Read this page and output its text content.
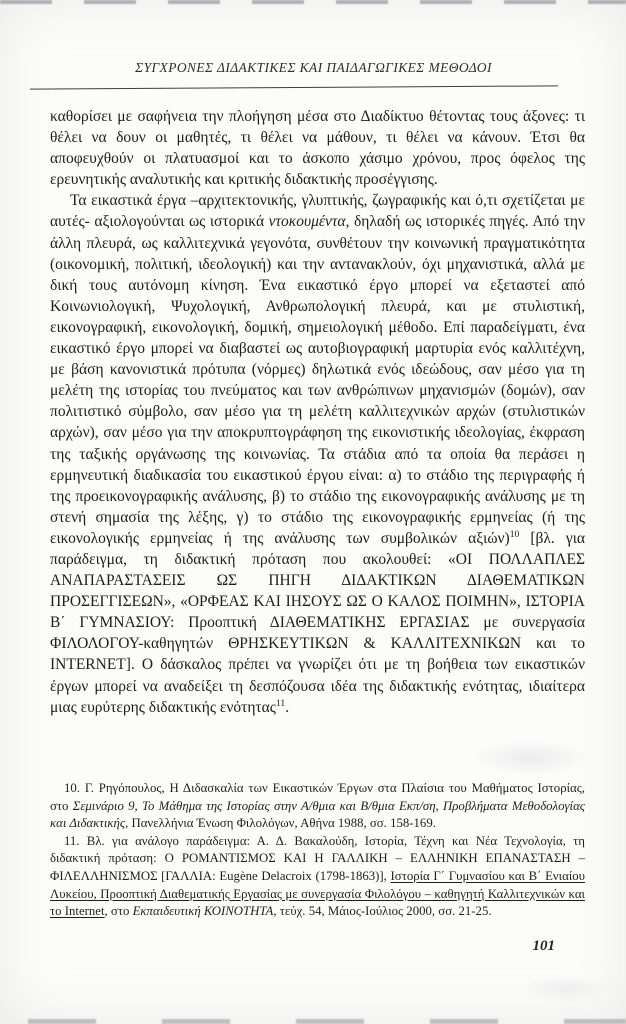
ΣΥΓΧΡΟΝΕΣ ΔΙΔΑΚΤΙΚΕΣ ΚΑΙ ΠΑΙΔΑΓΩΓΙΚΕΣ ΜΕΘΟΔΟΙ

καθορίσει με σαφήνεια την πλοήγηση μέσα στο Διαδίκτυο θέτοντας τους άξονες: τι θέλει να δουν οι μαθητές, τι θέλει να μάθουν, τι θέλει να κάνουν. Έτσι θα αποφευχθούν οι πλατυασμοί και το άσκοπο χάσιμο χρόνου, προς όφελος της ερευνητικής αναλυτικής και κριτικής διδακτικής προσέγγισης.

Τα εικαστικά έργα –αρχιτεκτονικής, γλυπτικής, ζωγραφικής και ό,τι σχετίζεται με αυτές- αξιολογούνται ως ιστορικά ντοκουμέντα, δηλαδή ως ιστορικές πηγές. Από την άλλη πλευρά, ως καλλιτεχνικά γεγονότα, συνθέτουν την κοινωνική πραγματικότητα (οικονομική, πολιτική, ιδεολογική) και την αντανακλούν, όχι μηχανιστικά, αλλά με δική τους αυτόνομη κίνηση. Ένα εικαστικό έργο μπορεί να εξεταστεί από Κοινωνιολογική, Ψυχολογική, Ανθρωπολογική πλευρά, και με στυλιστική, εικονογραφική, εικονολογική, δομική, σημειολογική μέθοδο. Επί παραδείγματι, ένα εικαστικό έργο μπορεί να διαβαστεί ως αυτοβιογραφική μαρτυρία ενός καλλιτέχνη, με βάση κανονιστικά πρότυπα (νόρμες) δηλωτικά ενός ιδεώδους, σαν μέσο για τη μελέτη της ιστορίας του πνεύματος και των ανθρώπινων μηχανισμών (δομών), σαν πολιτιστικό σύμβολο, σαν μέσο για τη μελέτη καλλιτεχνικών αρχών (στυλιστικών αρχών), σαν μέσο για την αποκρυπτογράφηση της εικονιστικής ιδεολογίας, έκφραση της ταξικής οργάνωσης της κοινωνίας. Τα στάδια από τα οποία θα περάσει η ερμηνευτική διαδικασία του εικαστικού έργου είναι: α) το στάδιο της περιγραφής ή της προεικονογραφικής ανάλυσης, β) το στάδιο της εικονογραφικής ανάλυσης με τη στενή σημασία της λέξης, γ) το στάδιο της εικονογραφικής ερμηνείας (ή της εικονολογικής ερμηνείας ή της ανάλυσης των συμβολικών αξιών)$^{10}$ [βλ. για παράδειγμα, τη διδακτική πρόταση που ακολουθεί: «ΟΙ ΠΟΛΛΑΠΛΕΣ ΑΝΑΠΑΡΑΣΤΑΣΕΙΣ ΩΣ ΠΗΓΗ ΔΙΔΑΚΤΙΚΩΝ ΔΙΑΘΕΜΑΤΙΚΩΝ ΠΡΟΣΕΓΓΙΣΕΩΝ», «ΟΡΦΕΑΣ ΚΑΙ ΙΗΣΟΥΣ ΩΣ Ο ΚΑΛΟΣ ΠΟΙΜΗΝ», ΙΣΤΟΡΙΑ Β΄ ΓΥΜΝΑΣΙΟΥ: Προοπτική ΔΙΑΘΕΜΑΤΙΚΗΣ ΕΡΓΑΣΙΑΣ με συνεργασία ΦΙΛΟΛΟΓΟΥ-καθηγητών ΘΡΗΣΚΕΥΤΙΚΩΝ & ΚΑΛΛΙΤΕΧΝΙΚΩΝ και το INTERNET]. Ο δάσκαλος πρέπει να γνωρίζει ότι με τη βοήθεια των εικαστικών έργων μπορεί να αναδείξει τη δεσπόζουσα ιδέα της διδακτικής ενότητας, ιδιαίτερα μιας ευρύτερης διδακτικής ενότητας$^{11}$.

10. Γ. Ρηγόπουλος, Η Διδασκαλία των Εικαστικών Έργων στα Πλαίσια του Μαθήματος Ιστορίας, στο Σεμινάριο 9, Το Μάθημα της Ιστορίας στην Α/θμια και Β/θμια Εκπ/ση, Προβλήματα Μεθοδολογίας και Διδακτικής, Πανελλήνια Ένωση Φιλολόγων, Αθήνα 1988, σσ. 158-169.

11. Βλ. για ανάλογο παράδειγμα: Α. Δ. Βακαλούδη, Ιστορία, Τέχνη και Νέα Τεχνολογία, τη διδακτική πρόταση: Ο ΡΟΜΑΝΤΙΣΜΟΣ ΚΑΙ Η ΓΑΛΛΙΚΗ – ΕΛΛΗΝΙΚΗ ΕΠΑΝΑΣΤΑΣΗ – ΦΙΛΕΛΛΗΝΙΣΜΟΣ [ΓΑΛΛΙΑ: Eugène Delacroix (1798-1863)], Ιστορία Γ΄ Γυμνασίου και Β΄ Ενιαίου Λυκείου, Προοπτική Διαθεματικής Εργασίας με συνεργασία Φιλολόγου – καθηγητή Καλλιτεχνικών και το Internet, στο Εκπαιδευτική ΚΟΙΝΟΤΗΤΑ, τεύχ. 54, Μάιος-Ιούλιος 2000, σσ. 21-25.

101
